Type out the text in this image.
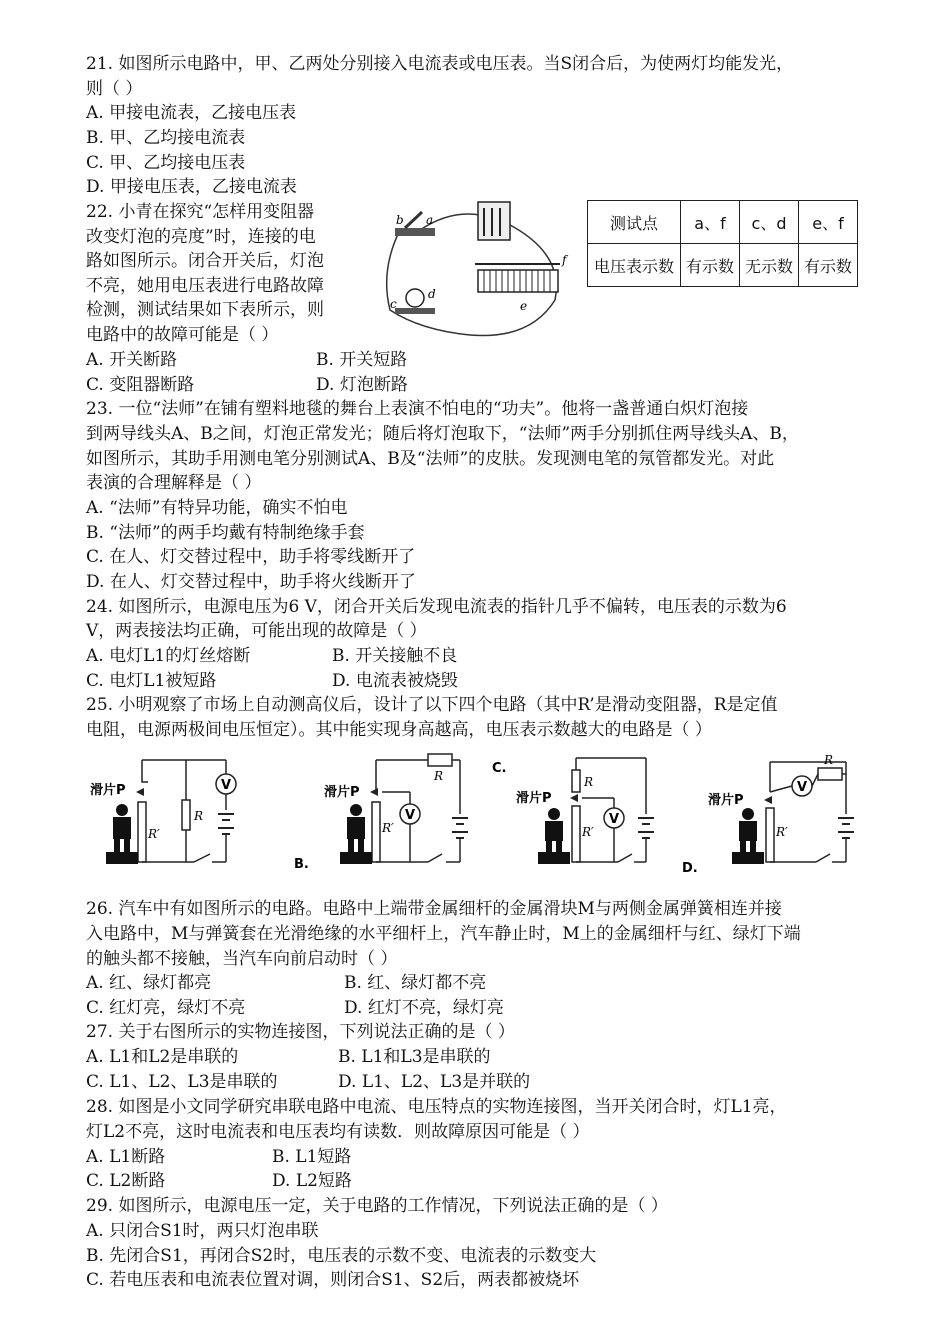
21. 如图所示电路中，甲、乙两处分别接入电流表或电压表。当S闭合后，为使两灯均能发光，
则（ ）
A. 甲接电流表，乙接电压表
B. 甲、乙均接电流表
C. 甲、乙均接电压表
D. 甲接电压表，乙接电流表
22. 小青在探究“怎样用变阻器
改变灯泡的亮度”时，连接的电
路如图所示。闭合开关后，灯泡
不亮，她用电压表进行电路故障
检测，测试结果如下表所示，则
电路中的故障可能是（ ）
A. 开关断路	B. 开关短路
C. 变阻器断路	D. 灯泡断路
b a
c
d
f
e
测试点	a、f	c、d	e、f
电压表示数	有示数	无示数	有示数
23. 一位“法师”在铺有塑料地毯的舞台上表演不怕电的“功夫”。他将一盏普通白炽灯泡接
到两导线头A、B之间，灯泡正常发光；随后将灯泡取下，“法师”两手分别抓住两导线头A、B，
如图所示，其助手用测电笔分别测试A、B及“法师”的皮肤。发现测电笔的氖管都发光。对此
表演的合理解释是（ ）
A. “法师”有特异功能，确实不怕电
B. “法师”的两手均戴有特制绝缘手套
C. 在人、灯交替过程中，助手将零线断开了
D. 在人、灯交替过程中，助手将火线断开了
24. 如图所示，电源电压为6 V，闭合开关后发现电流表的指针几乎不偏转，电压表的示数为6
V，两表接法均正确，可能出现的故障是（ ）
A. 电灯L1的灯丝熔断	B. 开关接触不良
C. 电灯L1被短路	D. 电流表被烧毁
25. 小明观察了市场上自动测高仪后，设计了以下四个电路（其中R’是滑动变阻器，R是定值
电阻，电源两极间电压恒定）。其中能实现身高越高，电压表示数越大的电路是（ ）
滑片P
R
R′
V	滑片P
R
R′
V
B.
C.
滑片P
R
R′
V
D.
滑片P
R
R′
V
26. 汽车中有如图所示的电路。电路中上端带金属细杆的金属滑块M与两侧金属弹簧相连并接
入电路中，M与弹簧套在光滑绝缘的水平细杆上，汽车静止时，M上的金属细杆与红、绿灯下端
的触头都不接触，当汽车向前启动时（ ）
A. 红、绿灯都亮	B. 红、绿灯都不亮
C. 红灯亮，绿灯不亮	D. 红灯不亮，绿灯亮
27. 关于右图所示的实物连接图，下列说法正确的是（ ）
A. L1和L2是串联的	B. L1和L3是串联的
C. L1、L2、L3是串联的	D. L1、L2、L3是并联的
28. 如图是小文同学研究串联电路中电流、电压特点的实物连接图，当开关闭合时，灯L1亮，
灯L2不亮，这时电流表和电压表均有读数．则故障原因可能是（ ）
A. L1断路	B. L1短路
C. L2断路	D. L2短路
29. 如图所示，电源电压一定，关于电路的工作情况，下列说法正确的是（ ）
A. 只闭合S1时，两只灯泡串联
B. 先闭合S1，再闭合S2时，电压表的示数不变、电流表的示数变大
C. 若电压表和电流表位置对调，则闭合S1、S2后，两表都被烧坏
